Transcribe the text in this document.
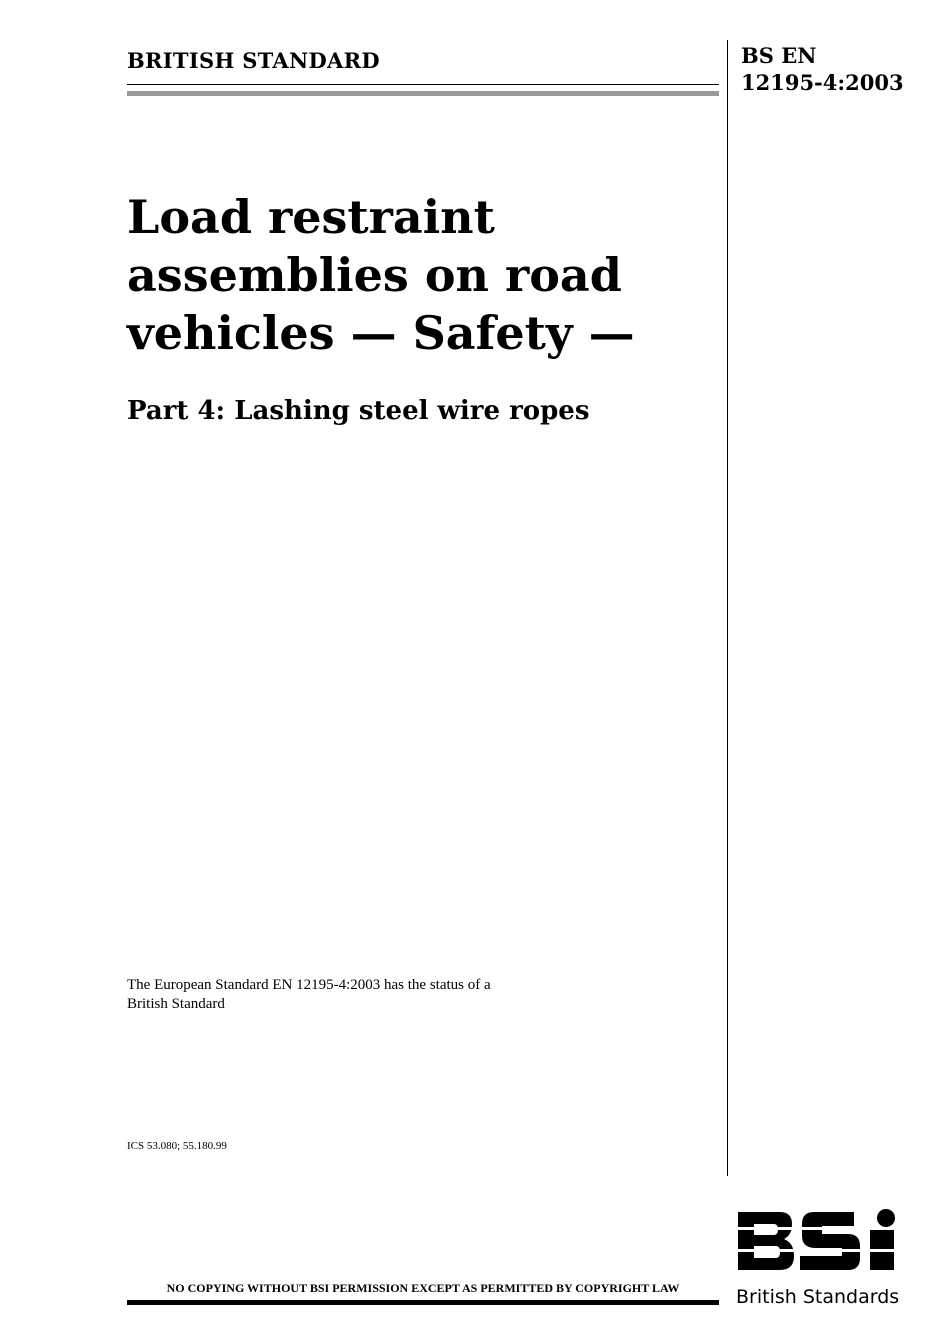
BRITISH STANDARD	BS EN
12195-4:2003
Load restraint
assemblies on road
vehicles — Safety —
Part 4: Lashing steel wire ropes
The European Standard EN 12195-4:2003 has the status of a
British Standard
ICS 53.080; 55.180.99
NO COPYING WITHOUT BSI PERMISSION EXCEPT AS PERMITTED BY COPYRIGHT LAW	British Standards
